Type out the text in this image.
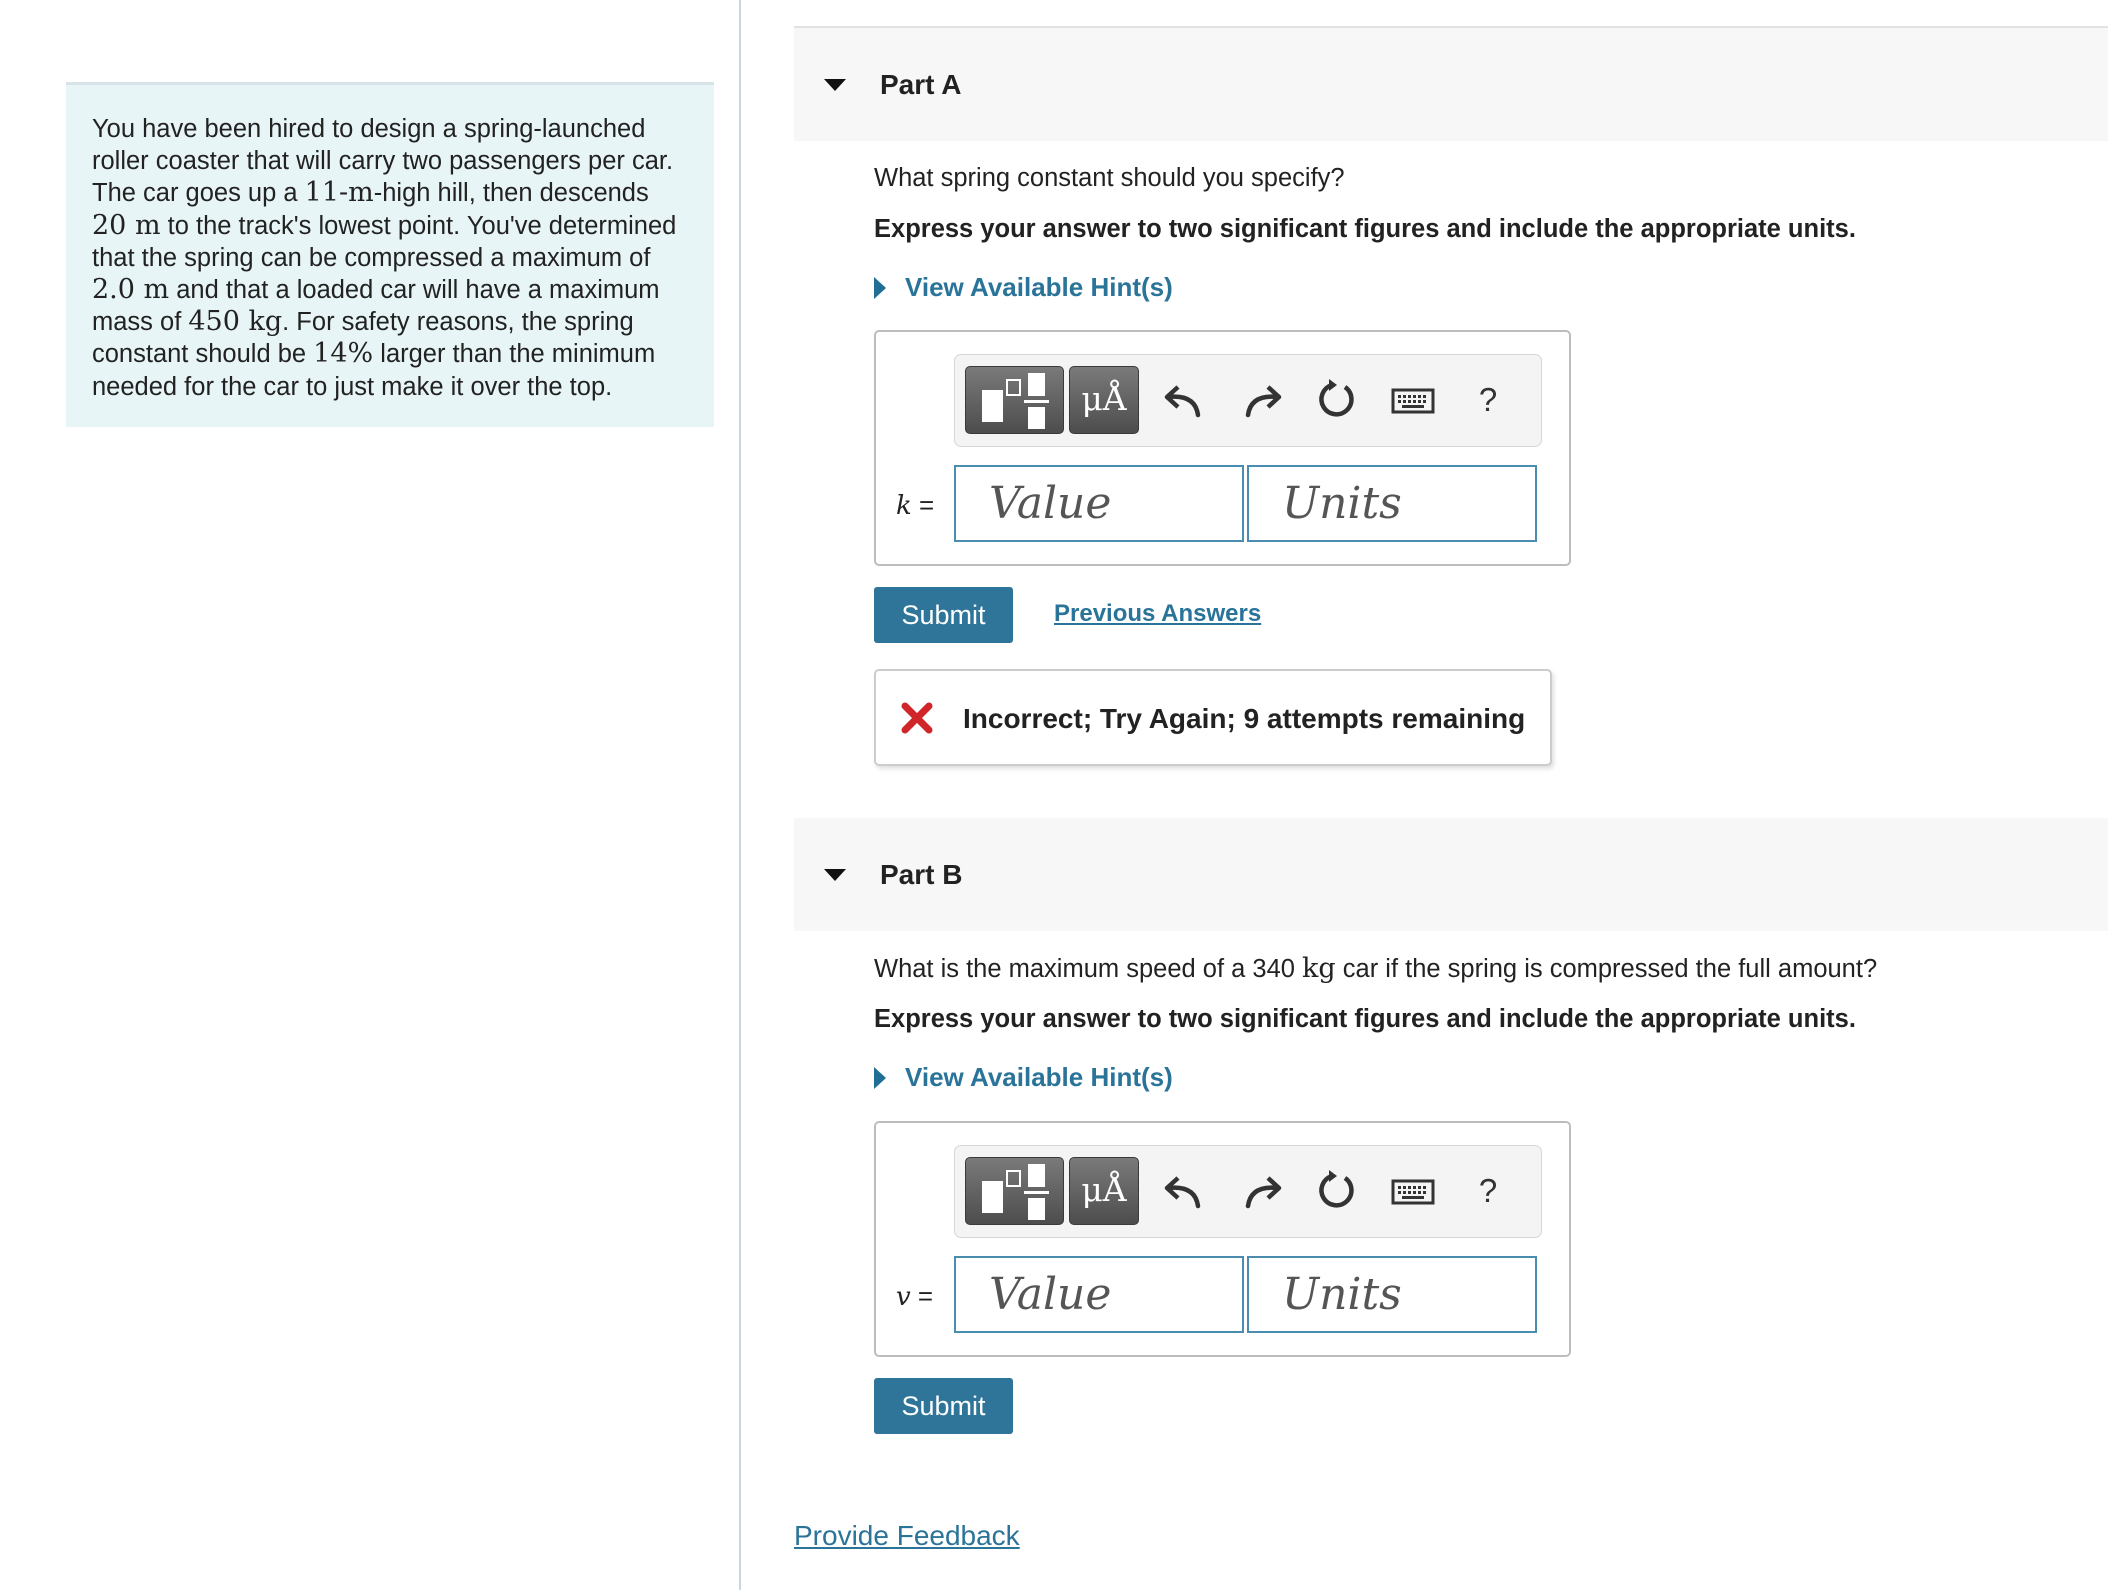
You have been hired to design a spring-launched roller coaster that will carry two passengers per car. The car goes up a 11-m-high hill, then descends 20 m to the track's lowest point. You've determined that the spring can be compressed a maximum of 2.0 m and that a loaded car will have a maximum mass of 450 kg. For safety reasons, the spring constant should be 14% larger than the minimum needed for the car to just make it over the top.

Part A
What spring constant should you specify?
Express your answer to two significant figures and include the appropriate units.
View Available Hint(s)
μÅ	?
k =	Value	Units
Submit	Previous Answers
Incorrect; Try Again; 9 attempts remaining
Part B
What is the maximum speed of a 340 kg car if the spring is compressed the full amount?
Express your answer to two significant figures and include the appropriate units.
View Available Hint(s)
μÅ	?
v =	Value	Units
Submit
Provide Feedback
